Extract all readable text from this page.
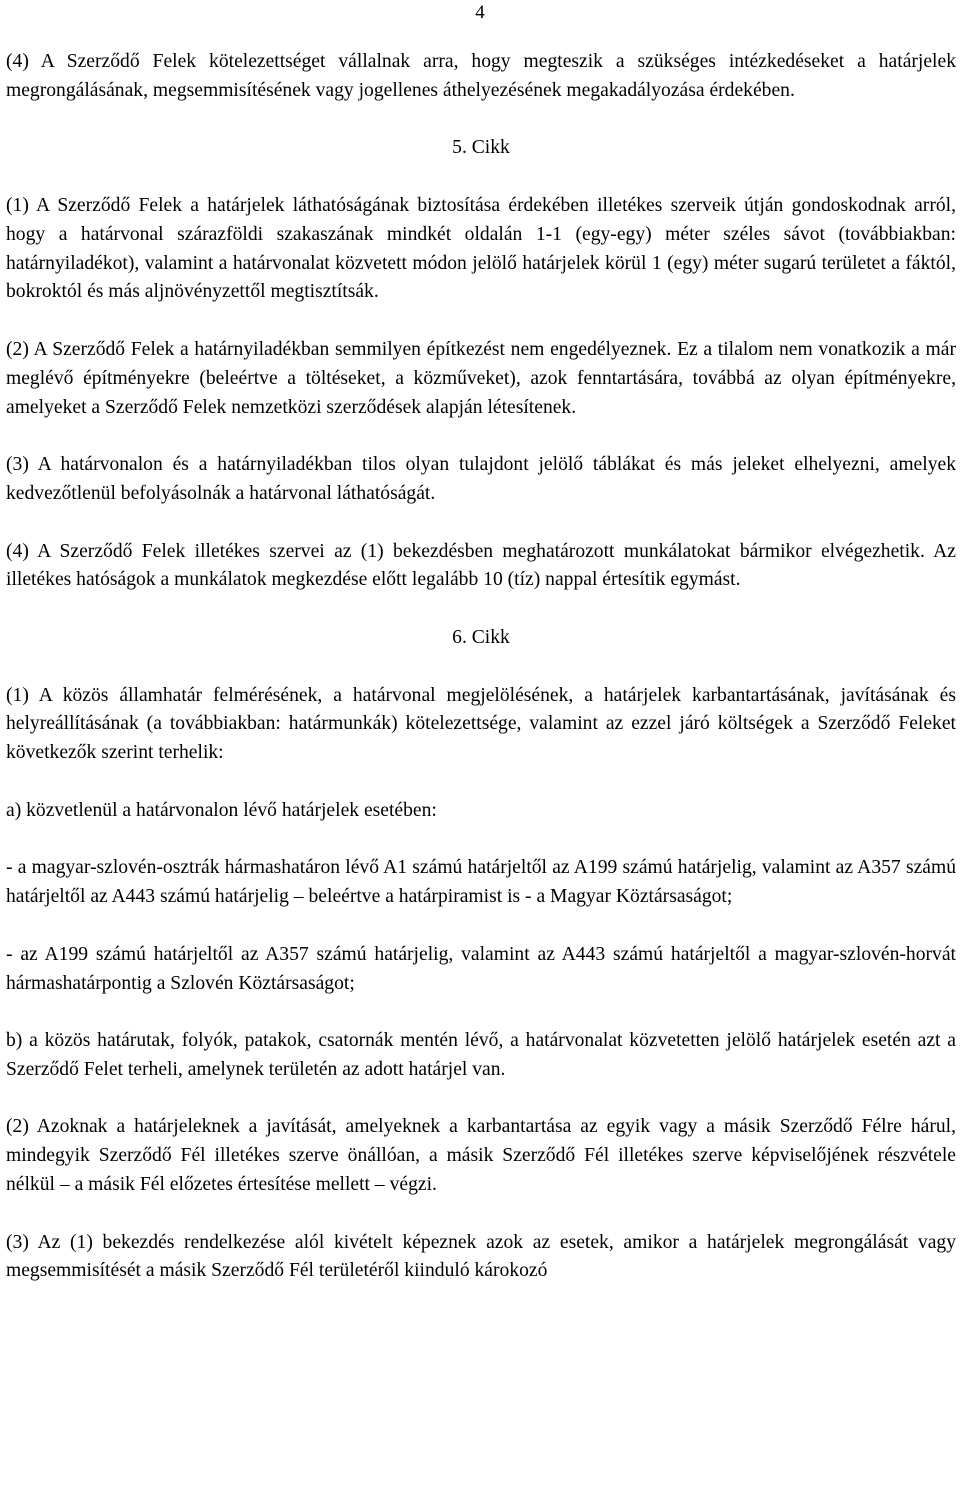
4

(4) A Szerződő Felek kötelezettséget vállalnak arra, hogy megteszik a szükséges intézkedéseket a határjelek megrongálásának, megsemmisítésének vagy jogellenes áthelyezésének megakadályozása érdekében.

5. Cikk

(1) A Szerződő Felek a határjelek láthatóságának biztosítása érdekében illetékes szerveik útján gondoskodnak arról, hogy a határvonal szárazföldi szakaszának mindkét oldalán 1-1 (egy-egy) méter széles sávot (továbbiakban: határnyiladékot), valamint a határvonalat közvetett módon jelölő határjelek körül 1 (egy) méter sugarú területet a fáktól, bokroktól és más aljnövényzettől megtisztítsák.

(2) A Szerződő Felek a határnyiladékban semmilyen építkezést nem engedélyeznek. Ez a tilalom nem vonatkozik a már meglévő építményekre (beleértve a töltéseket, a közműveket), azok fenntartására, továbbá az olyan építményekre, amelyeket a Szerződő Felek nemzetközi szerződések alapján létesítenek.

(3) A határvonalon és a határnyiladékban tilos olyan tulajdont jelölő táblákat és más jeleket elhelyezni, amelyek kedvezőtlenül befolyásolnák a határvonal láthatóságát.

(4) A Szerződő Felek illetékes szervei az (1) bekezdésben meghatározott munkálatokat bármikor elvégezhetik. Az illetékes hatóságok a munkálatok megkezdése előtt legalább 10 (tíz) nappal értesítik egymást.

6. Cikk

(1) A közös államhatár felmérésének, a határvonal megjelölésének, a határjelek karbantartásának, javításának és helyreállításának (a továbbiakban: határmunkák) kötelezettsége, valamint az ezzel járó költségek a Szerződő Feleket következők szerint terhelik:

a) közvetlenül a határvonalon lévő határjelek esetében:

- a magyar-szlovén-osztrák hármashatáron lévő A1 számú határjeltől az A199 számú határjelig, valamint az A357 számú határjeltől az A443 számú határjelig – beleértve a határpiramist is - a Magyar Köztársaságot;

- az A199 számú határjeltől az A357 számú határjelig, valamint az A443 számú határjeltől a magyar-szlovén-horvát hármashatárpontig a Szlovén Köztársaságot;

b) a közös határutak, folyók, patakok, csatornák mentén lévő, a határvonalat közvetetten jelölő határjelek esetén azt a Szerződő Felet terheli, amelynek területén az adott határjel van.

(2) Azoknak a határjeleknek a javítását, amelyeknek a karbantartása az egyik vagy a másik Szerződő Félre hárul, mindegyik Szerződő Fél illetékes szerve önállóan, a másik Szerződő Fél illetékes szerve képviselőjének részvétele nélkül – a másik Fél előzetes értesítése mellett – végzi.

(3) Az (1) bekezdés rendelkezése alól kivételt képeznek azok az esetek, amikor a határjelek megrongálását vagy megsemmisítését a másik Szerződő Fél területéről kiinduló károkozó
